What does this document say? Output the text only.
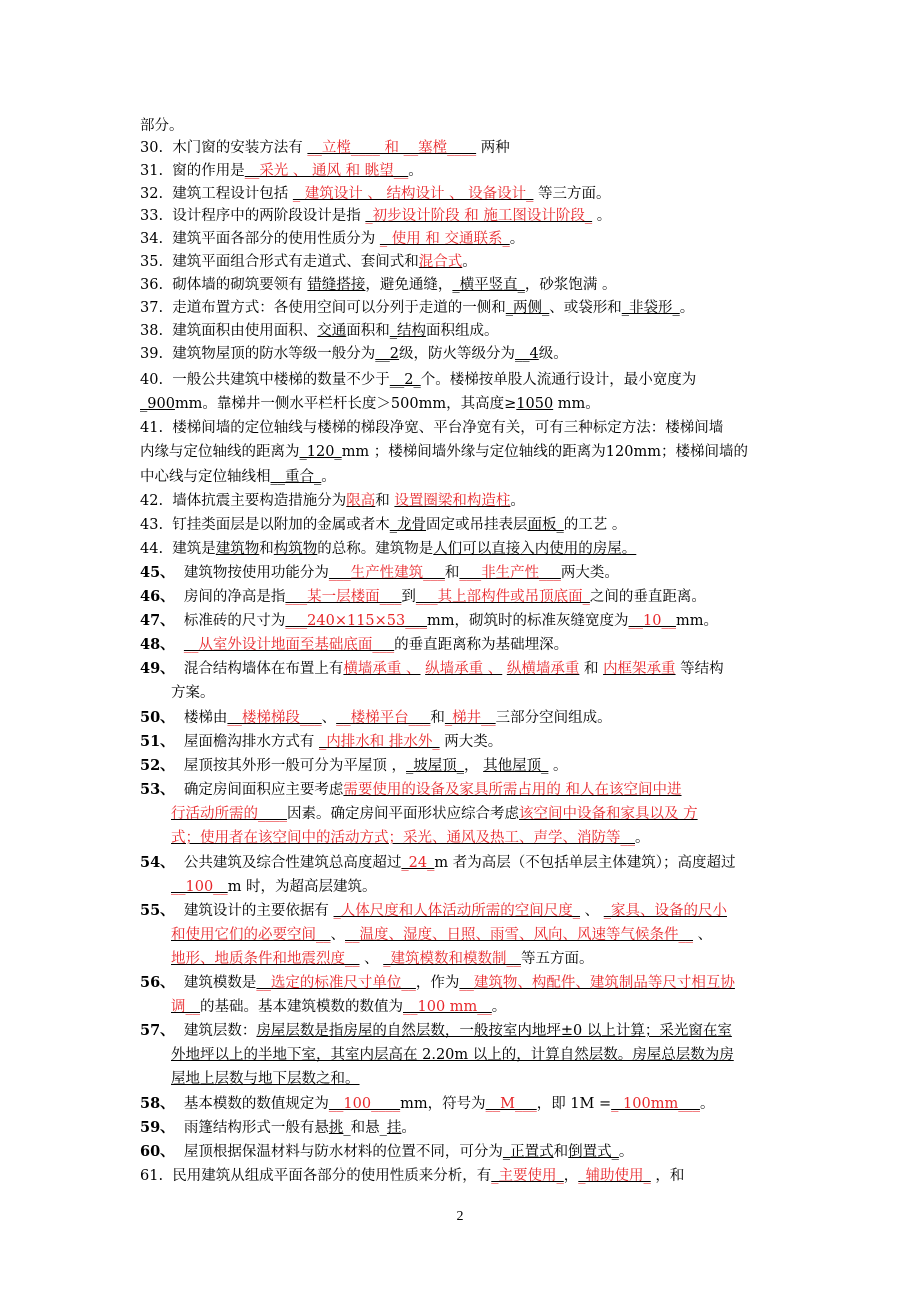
部分。
30. 木门窗的安装方法有 __立樘____ 和 __塞樘____ 两种
31. 窗的作用是__采光 、 通风 和 眺望__。
32. 建筑工程设计包括 _ 建筑设计 、 结构设计 、 设备设计_ 等三方面。
33. 设计程序中的两阶段设计是指 _初步设计阶段 和 施工图设计阶段_ 。
34. 建筑平面各部分的使用性质分为 _ 使用 和 交通联系_。
35. 建筑平面组合形式有走道式、套间式和混合式。
36. 砌体墙的砌筑要领有 错缝搭接，避免通缝，_横平竖直_，砂浆饱满 。
37. 走道布置方式：各使用空间可以分列于走道的一侧和_两侧_、或袋形和_非袋形_。
38. 建筑面积由使用面积、交通面积和_结构面积组成。
39. 建筑物屋顶的防水等级一般分为__2级，防火等级分为__4级。
40. 一般公共建筑中楼梯的数量不少于__2_个。楼梯按单股人流通行设计，最小宽度为
_900mm。靠梯井一侧水平栏杆长度＞500mm，其高度≥1050 mm。
41. 楼梯间墙的定位轴线与楼梯的梯段净宽、平台净宽有关，可有三种标定方法：楼梯间墙
内缘与定位轴线的距离为_120_mm ；楼梯间墙外缘与定位轴线的距离为120mm；楼梯间墙的
中心线与定位轴线相__重合_。
42. 墙体抗震主要构造措施分为限高和 设置圈梁和构造柱。
43. 钉挂类面层是以附加的金属或者木_龙骨固定或吊挂表层面板_的工艺 。
44. 建筑是建筑物和构筑物的总称。建筑物是人们可以直接入内使用的房屋。
45、 建筑物按使用功能分为___生产性建筑___和___非生产性___两大类。
46、 房间的净高是指___某一层楼面___到___其上部构件或吊顶底面_之间的垂直距离。
47、 标准砖的尺寸为___240×115×53___mm，砌筑时的标准灰缝宽度为__10__mm。
48、 __从室外设计地面至基础底面___的垂直距离称为基础埋深。
49、 混合结构墙体在布置上有横墙承重 、 纵墙承重 、 纵横墙承重 和 内框架承重 等结构
方案。
50、 楼梯由__楼梯梯段___、__楼梯平台___和_梯井__三部分空间组成。
51、 屋面檐沟排水方式有 _内排水和 排水外_ 两大类。
52、 屋顶按其外形一般可分为平屋顶 ，_坡屋顶_， 其他屋顶_ 。
53、 确定房间面积应主要考虑需要使用的设备及家具所需占用的 和人在该空间中进
行活动所需的____因素。确定房间平面形状应综合考虑该空间中设备和家具以及 方
式；使用者在该空间中的活动方式；采光、通风及热工、声学、消防等__。
54、 公共建筑及综合性建筑总高度超过_24_m 者为高层（不包括单层主体建筑）；高度超过
__100__m 时，为超高层建筑。
55、 建筑设计的主要依据有 _人体尺度和人体活动所需的空间尺度_ 、 _家具、设备的尺小
和使用它们的必要空间__、__温度、湿度、日照、雨雪、风向、风速等气候条件__ 、
地形、地质条件和地震烈度__ 、 _建筑模数和模数制__等五方面。
56、 建筑模数是__选定的标准尺寸单位__，作为__建筑物、构配件、建筑制品等尺寸相互协
调__的基础。基本建筑模数的数值为__100 mm__。
57、 建筑层数：房屋层数是指房屋的自然层数，一般按室内地坪±0 以上计算；采光窗在室
外地坪以上的半地下室，其室内层高在 2.20m 以上的，计算自然层数。房屋总层数为房
屋地上层数与地下层数之和。
58、 基本模数的数值规定为__100____mm，符号为__M___，即 1M =_ 100mm___。
59、 雨篷结构形式一般有悬挑_和悬_挂。
60、 屋顶根据保温材料与防水材料的位置不同，可分为_正置式和倒置式_。
61. 民用建筑从组成平面各部分的使用性质来分析，有_主要使用_，_辅助使用_ ，和
2
